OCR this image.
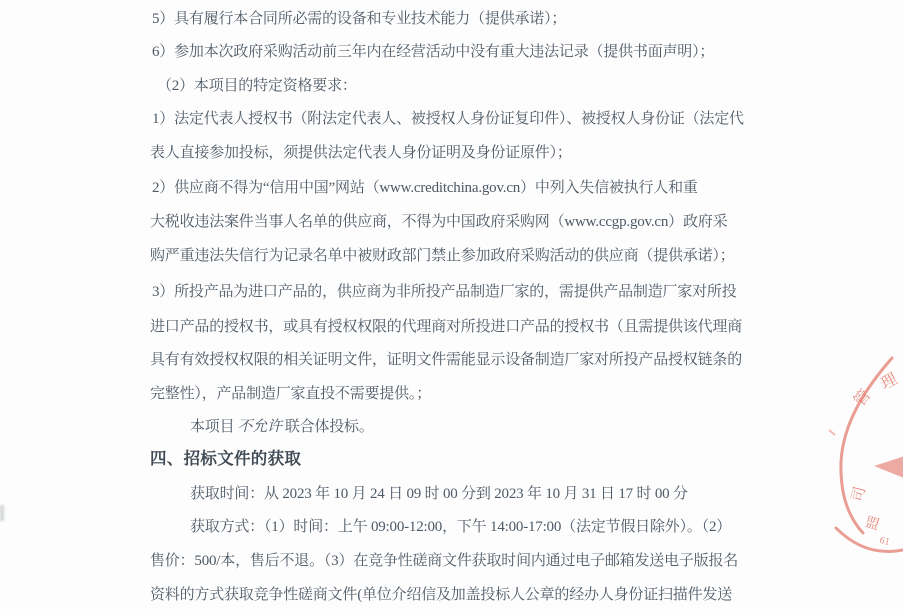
5）具有履行本合同所必需的设备和专业技术能力（提供承诺）；
6）参加本次政府采购活动前三年内在经营活动中没有重大违法记录（提供书面声明）；
（2）本项目的特定资格要求：
1）法定代表人授权书（附法定代表人、被授权人身份证复印件）、被授权人身份证（法定代
表人直接参加投标，须提供法定代表人身份证明及身份证原件）；
2）供应商不得为“信用中国”网站（www.creditchina.gov.cn）中列入失信被执行人和重
大税收违法案件当事人名单的供应商，不得为中国政府采购网（www.ccgp.gov.cn）政府采
购严重违法失信行为记录名单中被财政部门禁止参加政府采购活动的供应商（提供承诺）；
3）所投产品为进口产品的，供应商为非所投产品制造厂家的，需提供产品制造厂家对所投
进口产品的授权书，或具有授权权限的代理商对所投进口产品的授权书（且需提供该代理商
具有有效授权权限的相关证明文件，证明文件需能显示设备制造厂家对所投产品授权链条的
完整性），产品制造厂家直投不需要提供。；
本项目 不允许 联合体投标。
四、招标文件的获取
获取时间：从 2023 年 10 月 24 日 09 时 00 分到 2023 年 10 月 31 日 17 时 00 分
获取方式：（1）时间：上午 09:00-12:00，下午 14:00-17:00（法定节假日除外）。（2）
售价：500/本，售后不退。（3）在竞争性磋商文件获取时间内通过电子邮箱发送电子版报名
资料的方式获取竞争性磋商文件(单位介绍信及加盖投标人公章的经办人身份证扫描件发送
管
理
司
盟
61
